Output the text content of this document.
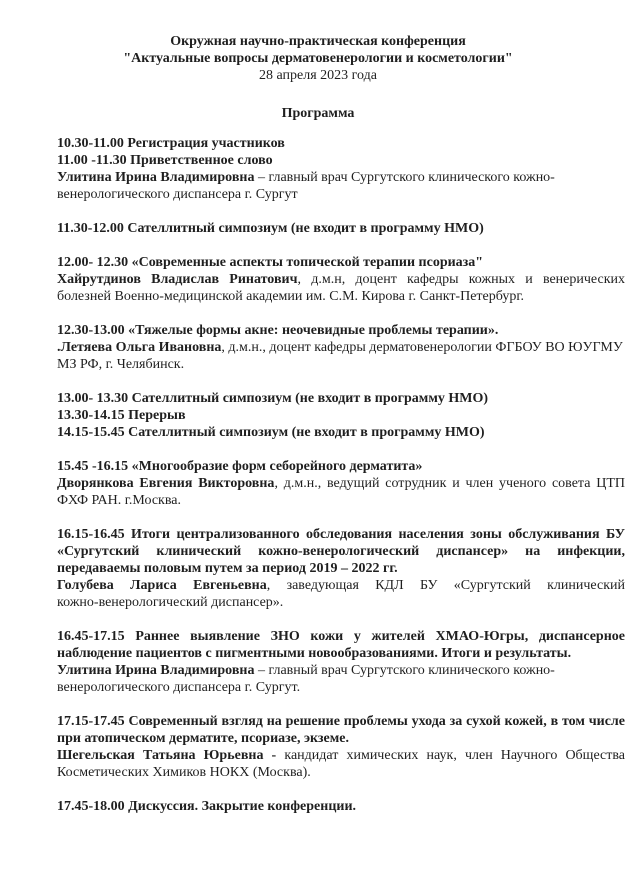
Окружная научно-практическая конференция

"Актуальные вопросы дерматовенерологии и косметологии"

28 апреля 2023 года

Программа

10.30-11.00 Регистрация участников

11.00 -11.30 Приветственное слово

Улитина Ирина Владимировна – главный врач Сургутского клинического кожно-венерологического диспансера г. Сургут

11.30-12.00 Сателлитный симпозиум (не входит в программу НМО)

12.00- 12.30 «Современные аспекты топической терапии псориаза"

Хайрутдинов Владислав Ринатович, д.м.н, доцент кафедры кожных и венерических болезней Военно-медицинской академии им. С.М. Кирова г. Санкт-Петербург.

12.30-13.00 «Тяжелые формы акне: неочевидные проблемы терапии».

.Летяева Ольга Ивановна, д.м.н., доцент кафедры дерматовенерологии ФГБОУ ВО ЮУГМУ МЗ РФ, г. Челябинск.

13.00- 13.30 Сателлитный симпозиум (не входит в программу НМО)

13.30-14.15 Перерыв

14.15-15.45 Сателлитный симпозиум (не входит в программу НМО)

15.45 -16.15 «Многообразие форм себорейного дерматита»

Дворянкова Евгения Викторовна, д.м.н., ведущий сотрудник и член ученого совета ЦТП ФХФ РАН. г.Москва.

16.15-16.45 Итоги централизованного обследования населения зоны обслуживания БУ «Сургутский клинический кожно-венерологический диспансер» на инфекции, передаваемы половым путем за период 2019 – 2022 гг.

Голубева Лариса Евгеньевна, заведующая КДЛ БУ «Сургутский клинический кожно-⁠венерологический диспансер».

16.45-17.15 Раннее выявление ЗНО кожи у жителей ХМАО-Югры, диспансерное наблюдение пациентов с пигментными новообразованиями. Итоги и результаты.

Улитина Ирина Владимировна – главный врач Сургутского клинического кожно-венерологического диспансера г. Сургут.

17.15-17.45 Современный взгляд на решение проблемы ухода за сухой кожей, в том числе при атопическом дерматите, псориазе, экземе.

Шегельская Татьяна Юрьевна - кандидат химических наук, член Научного Общества Косметических Химиков НОКХ (Москва).

17.45-18.00 Дискуссия. Закрытие конференции.
